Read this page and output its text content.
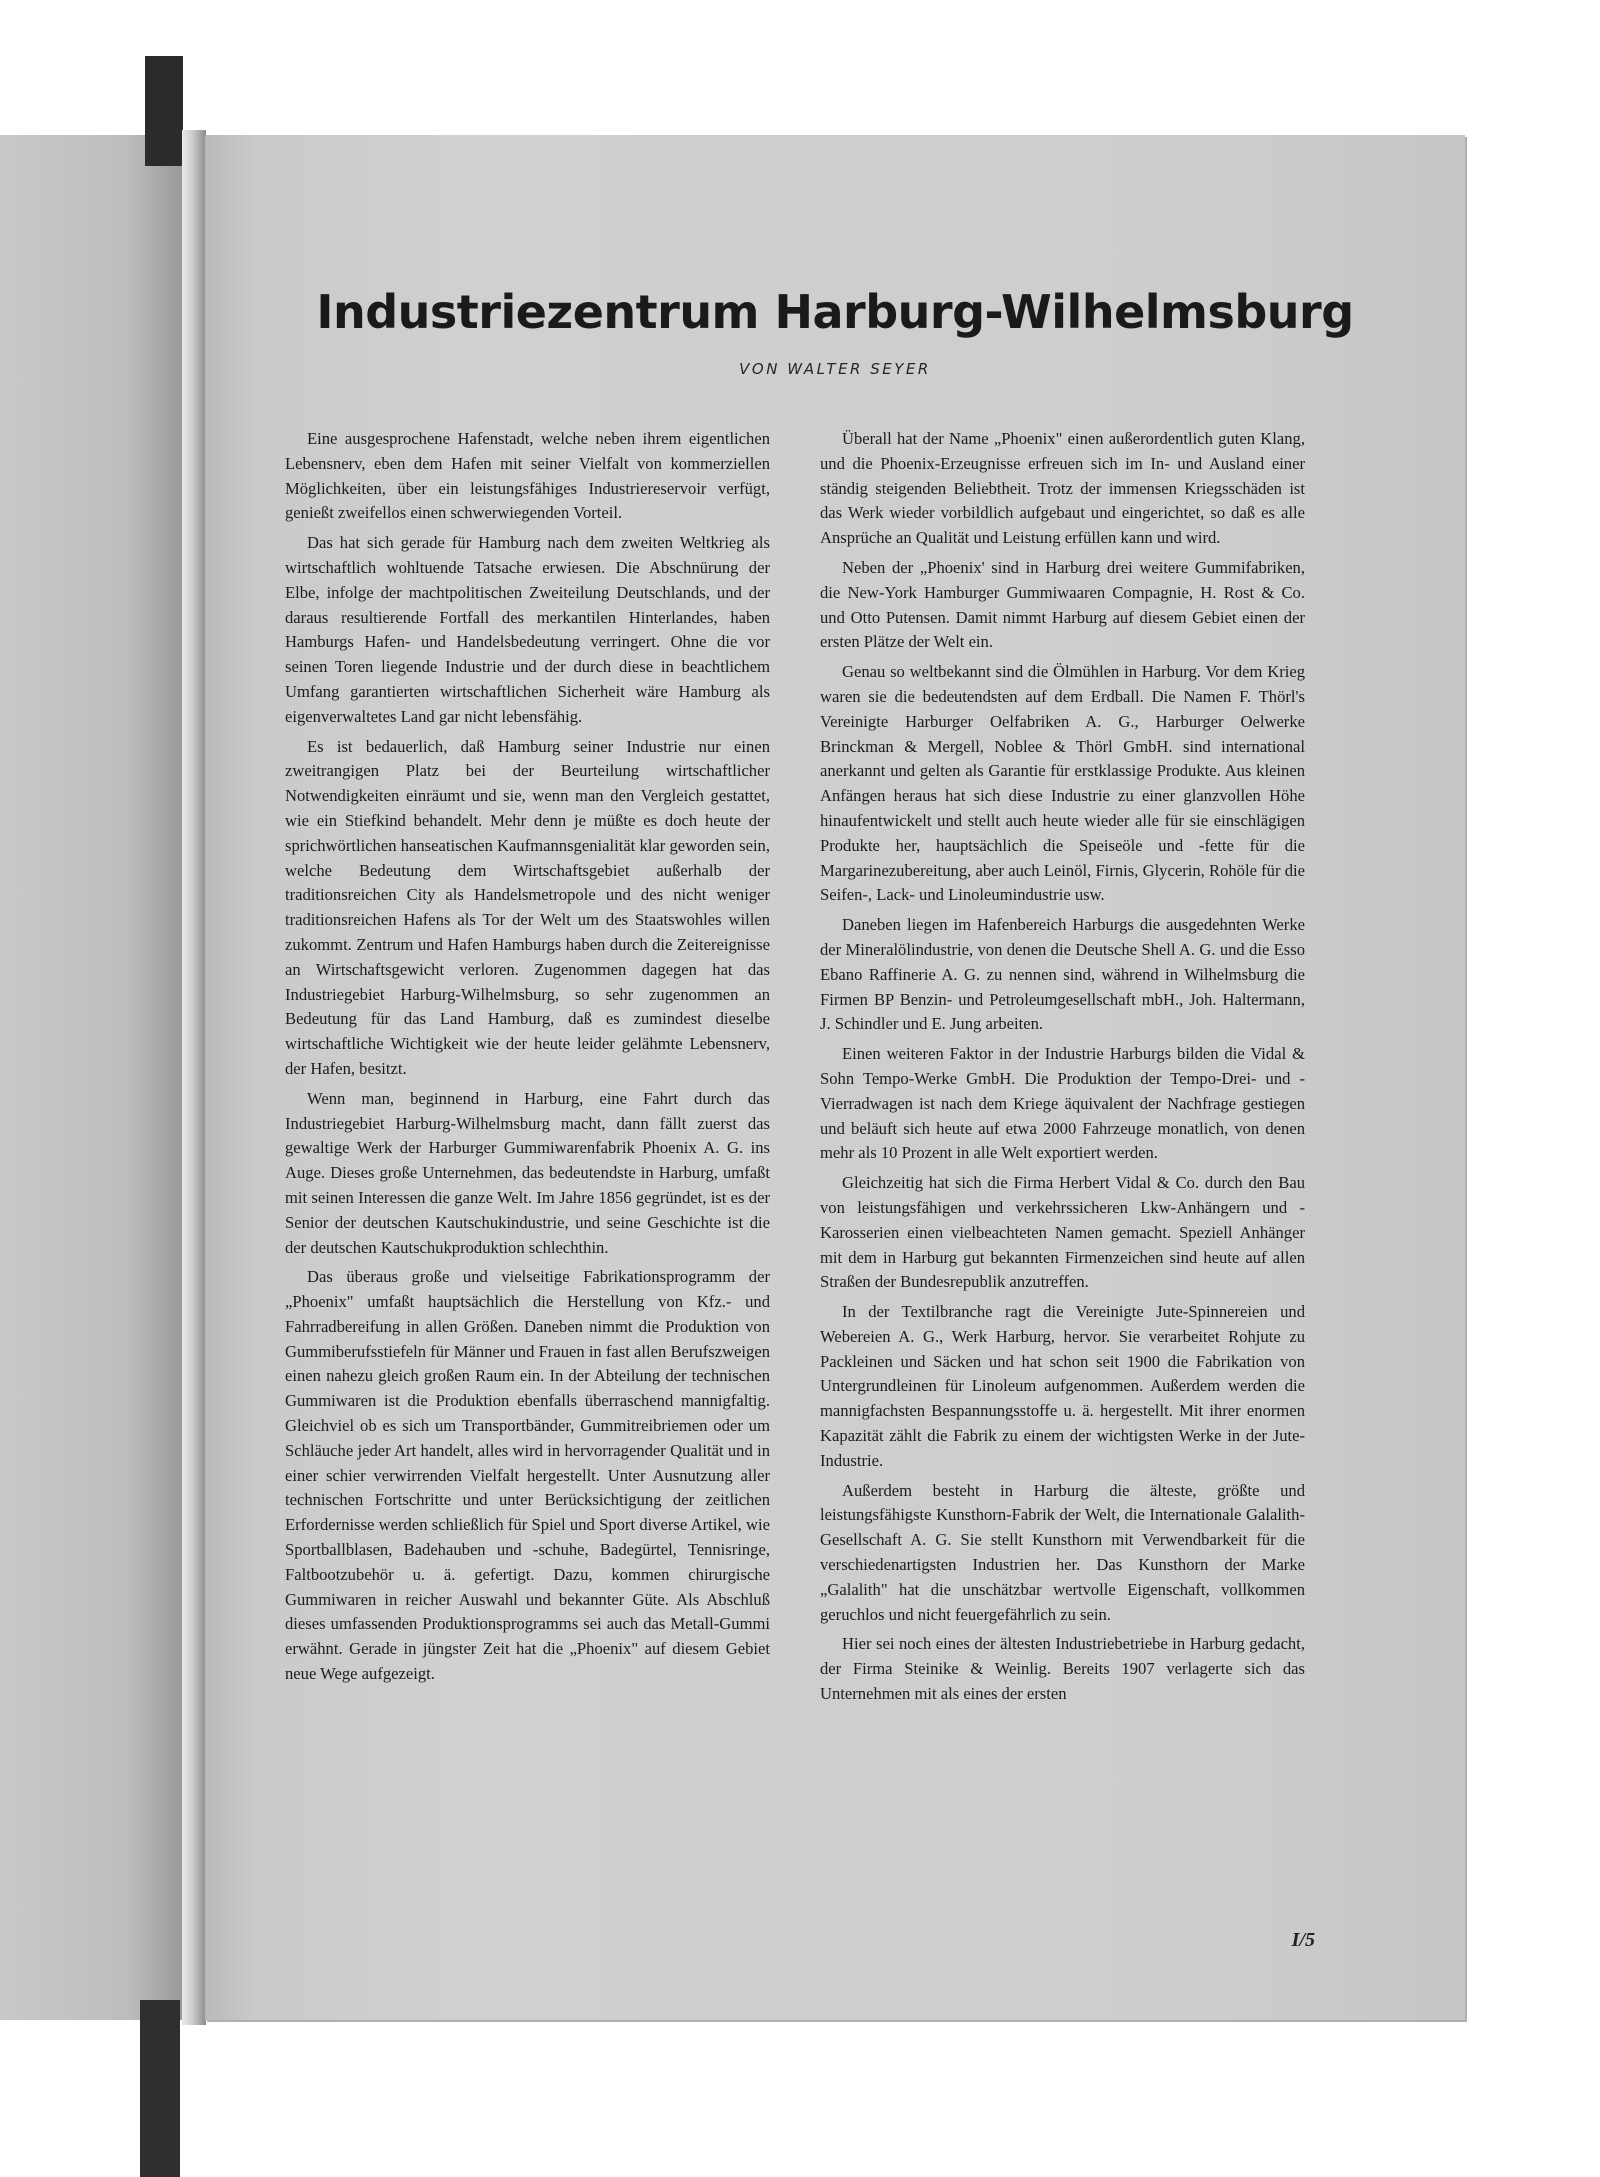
Industriezentrum Harburg-Wilhelmsburg
VON WALTER SEYER

Eine ausgesprochene Hafenstadt, welche neben ihrem eigentlichen Lebensnerv, eben dem Hafen mit seiner Vielfalt von kommerziellen Möglichkeiten, über ein leistungsfähiges Industriereservoir verfügt, genießt zweifellos einen schwerwiegenden Vorteil.

Das hat sich gerade für Hamburg nach dem zweiten Weltkrieg als wirtschaftlich wohltuende Tatsache erwiesen. Die Abschnürung der Elbe, infolge der machtpolitischen Zweiteilung Deutschlands, und der daraus resultierende Fortfall des merkantilen Hinterlandes, haben Hamburgs Hafen- und Handelsbedeutung verringert. Ohne die vor seinen Toren liegende Industrie und der durch diese in beachtlichem Umfang garantierten wirtschaftlichen Sicherheit wäre Hamburg als eigenverwaltetes Land gar nicht lebensfähig.

Es ist bedauerlich, daß Hamburg seiner Industrie nur einen zweitrangigen Platz bei der Beurteilung wirtschaftlicher Notwendigkeiten einräumt und sie, wenn man den Vergleich gestattet, wie ein Stiefkind behandelt. Mehr denn je müßte es doch heute der sprichwörtlichen hanseatischen Kaufmannsgenialität klar geworden sein, welche Bedeutung dem Wirtschaftsgebiet außerhalb der traditionsreichen City als Handelsmetropole und des nicht weniger traditionsreichen Hafens als Tor der Welt um des Staatswohles willen zukommt. Zentrum und Hafen Hamburgs haben durch die Zeitereignisse an Wirtschaftsgewicht verloren. Zugenommen dagegen hat das Industriegebiet Harburg-Wilhelmsburg, so sehr zugenommen an Bedeutung für das Land Hamburg, daß es zumindest dieselbe wirtschaftliche Wichtigkeit wie der heute leider gelähmte Lebensnerv, der Hafen, besitzt.

Wenn man, beginnend in Harburg, eine Fahrt durch das Industriegebiet Harburg-Wilhelmsburg macht, dann fällt zuerst das gewaltige Werk der Harburger Gummiwarenfabrik Phoenix A. G. ins Auge. Dieses große Unternehmen, das bedeutendste in Harburg, umfaßt mit seinen Interessen die ganze Welt. Im Jahre 1856 gegründet, ist es der Senior der deutschen Kautschukindustrie, und seine Geschichte ist die der deutschen Kautschukproduktion schlechthin.

Das überaus große und vielseitige Fabrikationsprogramm der „Phoenix" umfaßt hauptsächlich die Herstellung von Kfz.- und Fahrradbereifung in allen Größen. Daneben nimmt die Produktion von Gummiberufsstiefeln für Männer und Frauen in fast allen Berufszweigen einen nahezu gleich großen Raum ein. In der Abteilung der technischen Gummiwaren ist die Produktion ebenfalls überraschend mannigfaltig. Gleichviel ob es sich um Transportbänder, Gummitreibriemen oder um Schläuche jeder Art handelt, alles wird in hervorragender Qualität und in einer schier verwirrenden Vielfalt hergestellt. Unter Ausnutzung aller technischen Fortschritte und unter Berücksichtigung der zeitlichen Erfordernisse werden schließlich für Spiel und Sport diverse Artikel, wie Sportballblasen, Badehauben und -schuhe, Badegürtel, Tennisringe, Faltbootzubehör u. ä. gefertigt. Dazu, kommen chirurgische Gummiwaren in reicher Auswahl und bekannter Güte. Als Abschluß dieses umfassenden Produktionsprogramms sei auch das Metall-Gummi erwähnt. Gerade in jüngster Zeit hat die „Phoenix" auf diesem Gebiet neue Wege aufgezeigt.

Überall hat der Name „Phoenix" einen außerordentlich guten Klang, und die Phoenix-Erzeugnisse erfreuen sich im In- und Ausland einer ständig steigenden Beliebtheit. Trotz der immensen Kriegsschäden ist das Werk wieder vorbildlich aufgebaut und eingerichtet, so daß es alle Ansprüche an Qualität und Leistung erfüllen kann und wird.

Neben der „Phoenix' sind in Harburg drei weitere Gummifabriken, die New-York Hamburger Gummiwaaren Compagnie, H. Rost & Co. und Otto Putensen. Damit nimmt Harburg auf diesem Gebiet einen der ersten Plätze der Welt ein.

Genau so weltbekannt sind die Ölmühlen in Harburg. Vor dem Krieg waren sie die bedeutendsten auf dem Erdball. Die Namen F. Thörl's Vereinigte Harburger Oelfabriken A. G., Harburger Oelwerke Brinckman & Mergell, Noblee & Thörl GmbH. sind international anerkannt und gelten als Garantie für erstklassige Produkte. Aus kleinen Anfängen heraus hat sich diese Industrie zu einer glanzvollen Höhe hinaufentwickelt und stellt auch heute wieder alle für sie einschlägigen Produkte her, hauptsächlich die Speiseöle und -fette für die Margarinezubereitung, aber auch Leinöl, Firnis, Glycerin, Rohöle für die Seifen-, Lack- und Linoleumindustrie usw.

Daneben liegen im Hafenbereich Harburgs die ausgedehnten Werke der Mineralölindustrie, von denen die Deutsche Shell A. G. und die Esso Ebano Raffinerie A. G. zu nennen sind, während in Wilhelmsburg die Firmen BP Benzin- und Petroleumgesellschaft mbH., Joh. Haltermann, J. Schindler und E. Jung arbeiten.

Einen weiteren Faktor in der Industrie Harburgs bilden die Vidal & Sohn Tempo-Werke GmbH. Die Produktion der Tempo-Drei- und -Vierradwagen ist nach dem Kriege äquivalent der Nachfrage gestiegen und beläuft sich heute auf etwa 2000 Fahrzeuge monatlich, von denen mehr als 10 Prozent in alle Welt exportiert werden.

Gleichzeitig hat sich die Firma Herbert Vidal & Co. durch den Bau von leistungsfähigen und verkehrssicheren Lkw-Anhängern und -Karosserien einen vielbeachteten Namen gemacht. Speziell Anhänger mit dem in Harburg gut bekannten Firmenzeichen sind heute auf allen Straßen der Bundesrepublik anzutreffen.

In der Textilbranche ragt die Vereinigte Jute-Spinnereien und Webereien A. G., Werk Harburg, hervor. Sie verarbeitet Rohjute zu Packleinen und Säcken und hat schon seit 1900 die Fabrikation von Untergrundleinen für Linoleum aufgenommen. Außerdem werden die mannigfachsten Bespannungsstoffe u. ä. hergestellt. Mit ihrer enormen Kapazität zählt die Fabrik zu einem der wichtigsten Werke in der Jute-Industrie.

Außerdem besteht in Harburg die älteste, größte und leistungsfähigste Kunsthorn-Fabrik der Welt, die Internationale Galalith-Gesellschaft A. G. Sie stellt Kunsthorn mit Verwendbarkeit für die verschiedenartigsten Industrien her. Das Kunsthorn der Marke „Galalith" hat die unschätzbar wertvolle Eigenschaft, vollkommen geruchlos und nicht feuergefährlich zu sein.

Hier sei noch eines der ältesten Industriebetriebe in Harburg gedacht, der Firma Steinike & Weinlig. Bereits 1907 verlagerte sich das Unternehmen mit als eines der ersten

I/5
